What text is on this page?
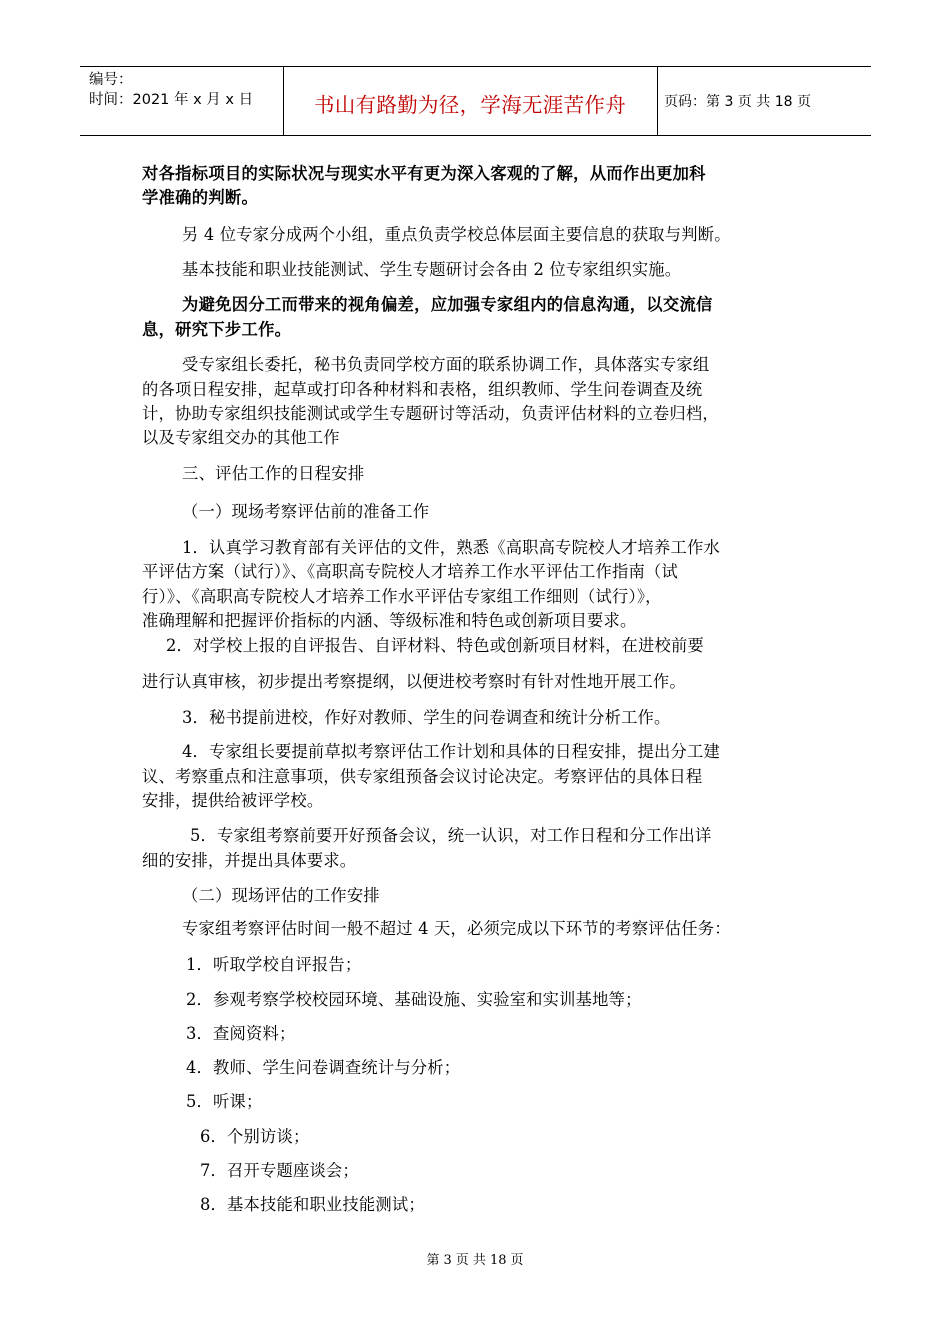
编号：
时间：2021 年 x 月 x 日	书山有路勤为径，学海无涯苦作舟	页码：第 3 页 共 18 页
对各指标项目的实际状况与现实水平有更为深入客观的了解，从而作出更加科
学准确的判断。
另 4 位专家分成两个小组，重点负责学校总体层面主要信息的获取与判断。
基本技能和职业技能测试、学生专题研讨会各由 2 位专家组织实施。
为避免因分工而带来的视角偏差，应加强专家组内的信息沟通，以交流信
息，研究下步工作。
受专家组长委托，秘书负责同学校方面的联系协调工作，具体落实专家组
的各项日程安排，起草或打印各种材料和表格，组织教师、学生问卷调查及统
计，协助专家组织技能测试或学生专题研讨等活动，负责评估材料的立卷归档，
以及专家组交办的其他工作
三、评估工作的日程安排
（一）现场考察评估前的准备工作
1．认真学习教育部有关评估的文件，熟悉《高职高专院校人才培养工作水
平评估方案（试行）》、《高职高专院校人才培养工作水平评估工作指南（试
行）》、《高职高专院校人才培养工作水平评估专家组工作细则（试行）》，
准确理解和把握评价指标的内涵、等级标准和特色或创新项目要求。
2．对学校上报的自评报告、自评材料、特色或创新项目材料，在进校前要
进行认真审核，初步提出考察提纲，以便进校考察时有针对性地开展工作。
3．秘书提前进校，作好对教师、学生的问卷调查和统计分析工作。
4．专家组长要提前草拟考察评估工作计划和具体的日程安排，提出分工建
议、考察重点和注意事项，供专家组预备会议讨论决定。考察评估的具体日程
安排，提供给被评学校。
5．专家组考察前要开好预备会议，统一认识，对工作日程和分工作出详
细的安排，并提出具体要求。
（二）现场评估的工作安排
专家组考察评估时间一般不超过 4 天，必须完成以下环节的考察评估任务：
1．听取学校自评报告；
2．参观考察学校校园环境、基础设施、实验室和实训基地等；
3．查阅资料；
4．教师、学生问卷调查统计与分析；
5．听课；
6．个别访谈；
7．召开专题座谈会；
8．基本技能和职业技能测试；
第 3 页 共 18 页
